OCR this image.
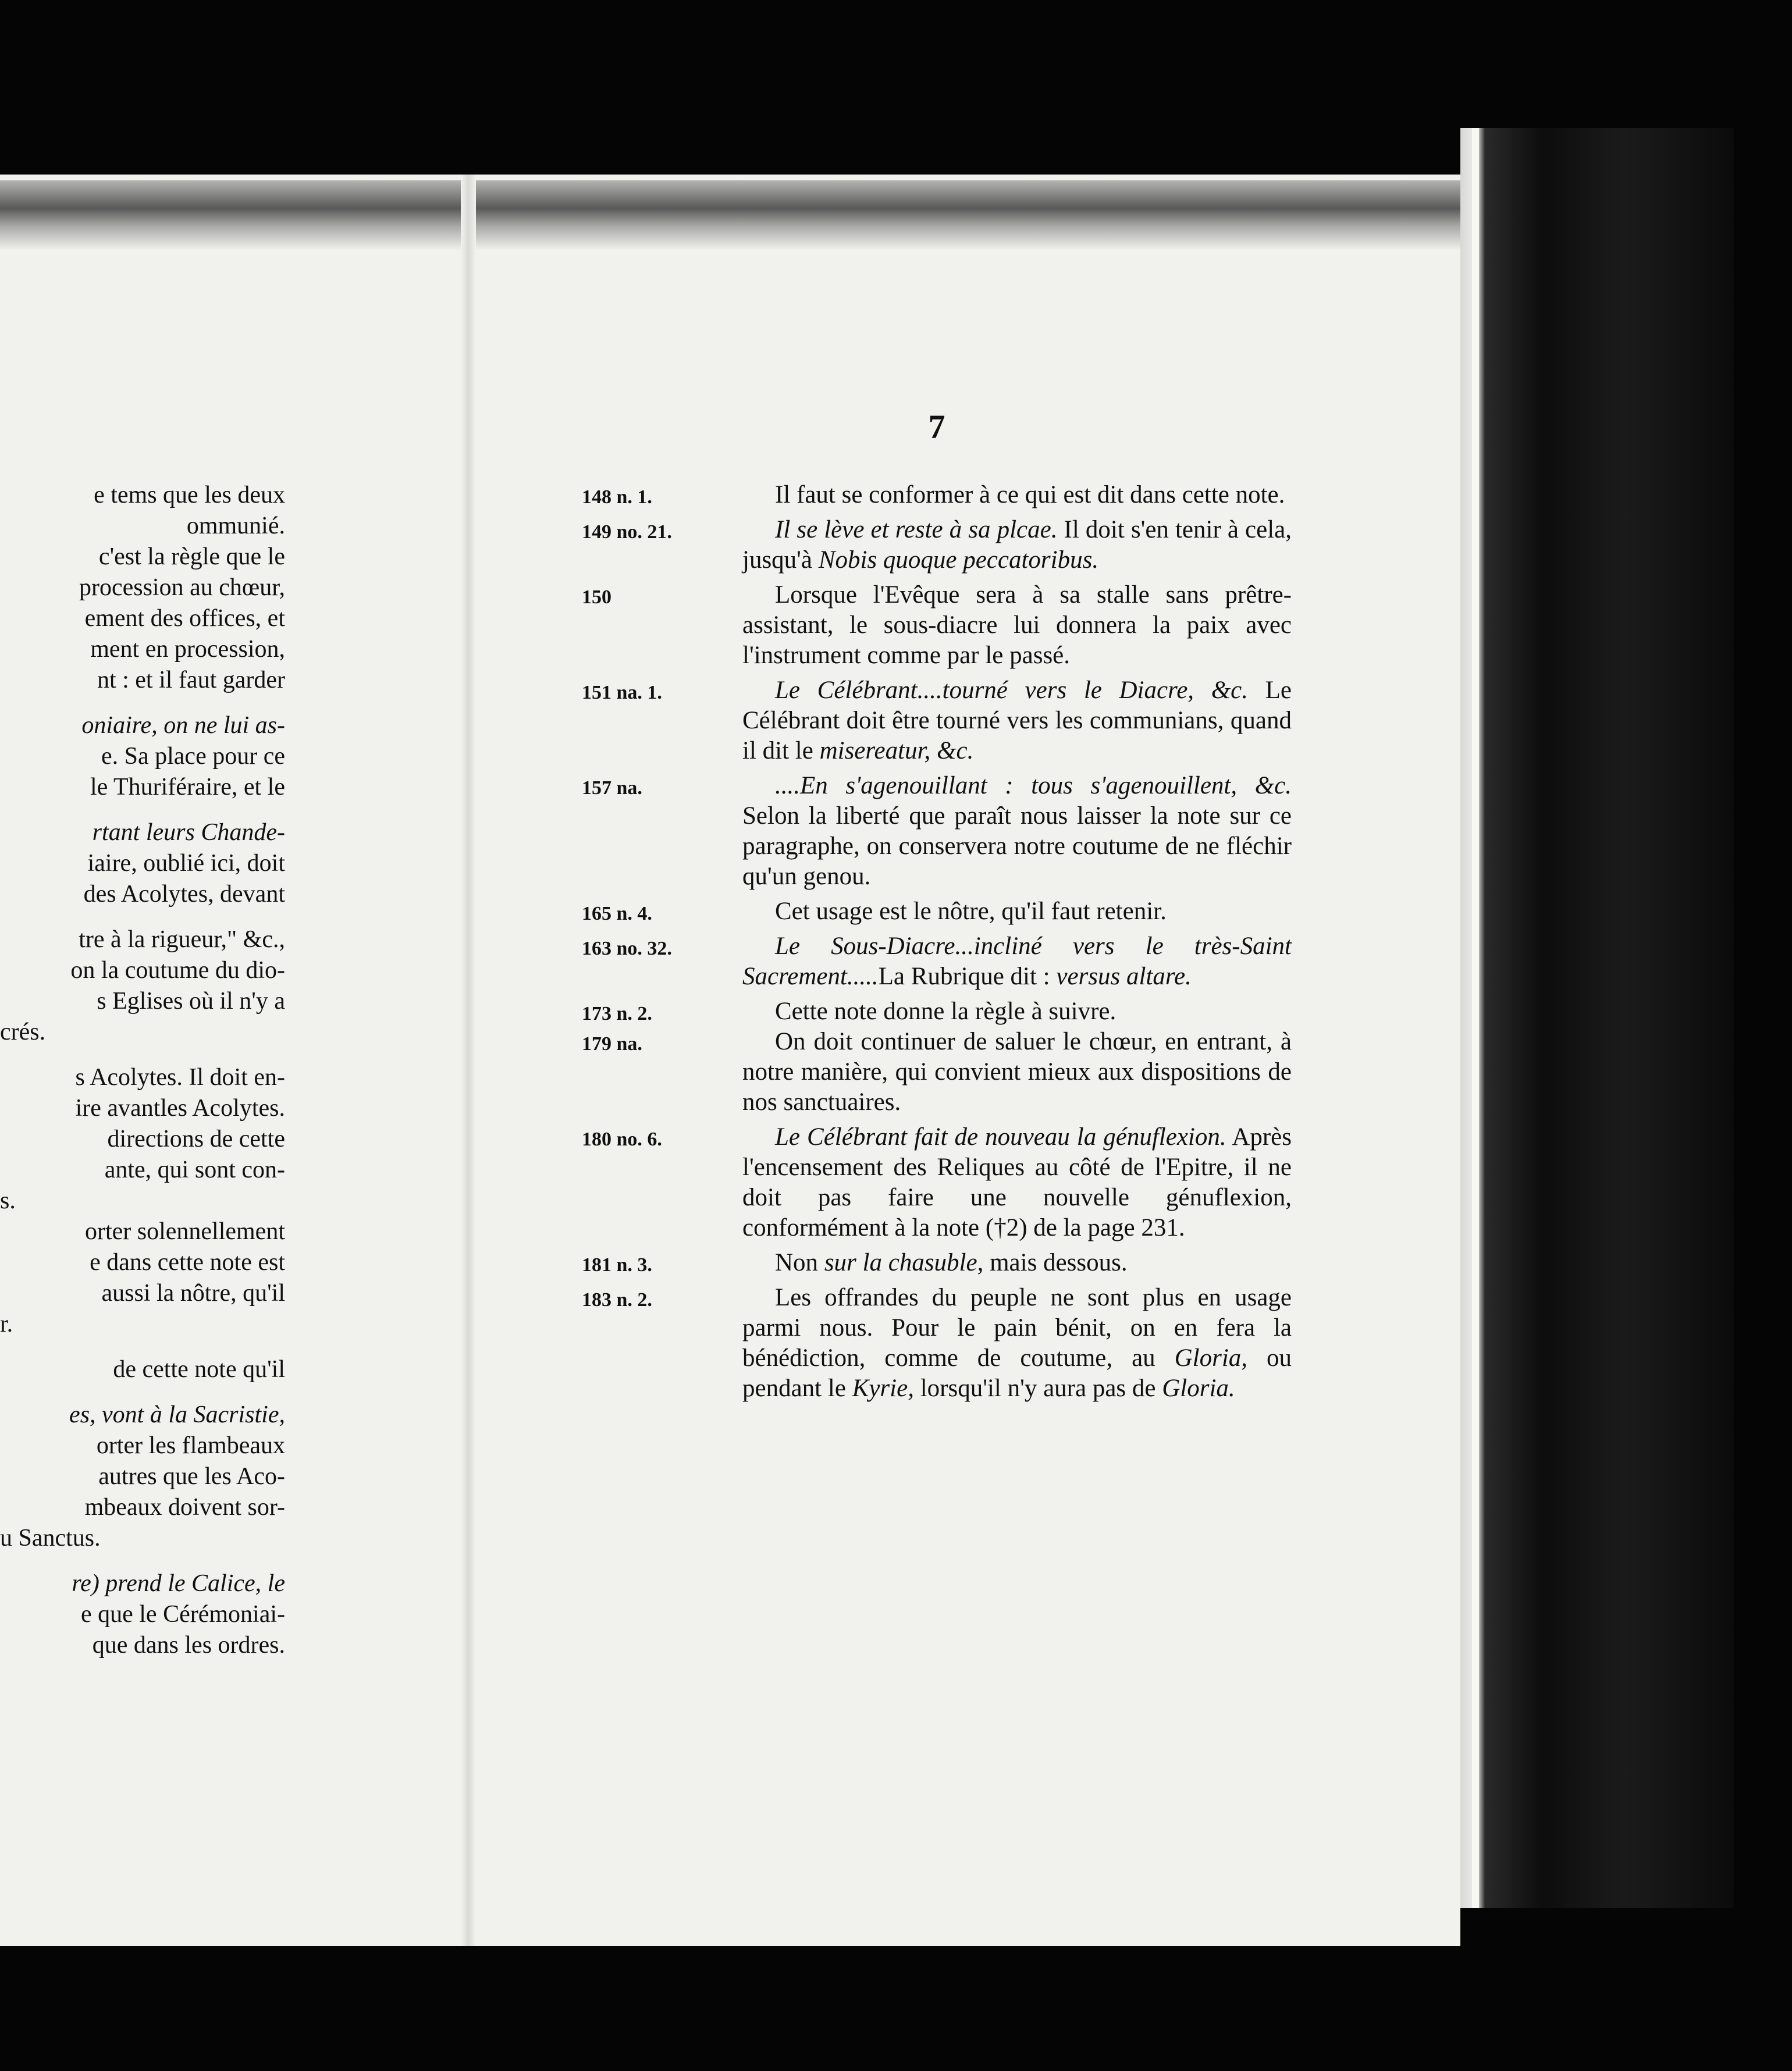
7
e tems que les deux
ommunié.
c'est la règle que le
procession au chœur,
ement des offices, et
ment en procession,
nt : et il faut garder
oniaire, on ne lui as-
e. Sa place pour ce
le Thuriféraire, et le
rtant leurs Chande-
iaire, oublié ici, doit
des Acolytes, devant
tre à la rigueur," &c.,
on la coutume du dio-
s Eglises où il n'y a
crés.
s Acolytes. Il doit en-
ire avantles Acolytes.
directions de cette
ante, qui sont con-
s.
orter solennellement
e dans cette note est
aussi la nôtre, qu'il
r.
de cette note qu'il
es, vont à la Sacristie,
orter les flambeaux
autres que les Aco-
mbeaux doivent sor-
u Sanctus.
re) prend le Calice, le
e que le Cérémoniai-
que dans les ordres.
148 n. 1.	Il faut se conformer à ce qui est dit dans cette note.

149 no. 21.	Il se lève et reste à sa plcae. Il doit s'en tenir à cela, jusqu'à Nobis quoque peccatoribus.

150	Lorsque l'Evêque sera à sa stalle sans prêtre-assistant, le sous-diacre lui donnera la paix avec l'instrument comme par le passé.

151 na. 1.	Le Célébrant....tourné vers le Diacre, &c. Le Célébrant doit être tourné vers les communians, quand il dit le misereatur, &c.

157 na.	....En s'agenouillant : tous s'agenouillent, &c. Selon la liberté que paraît nous laisser la note sur ce paragraphe, on conservera notre coutume de ne fléchir qu'un genou.

165 n. 4.	Cet usage est le nôtre, qu'il faut retenir.

163 no. 32.	Le Sous-Diacre...incliné vers le très-Saint Sacrement.....La Rubrique dit : versus altare.

173 n. 2.	Cette note donne la règle à suivre.

179 na.	On doit continuer de saluer le chœur, en entrant, à notre manière, qui convient mieux aux dispositions de nos sanctuaires.

180 no. 6.	Le Célébrant fait de nouveau la génuflexion. Après l'encensement des Reliques au côté de l'Epitre, il ne doit pas faire une nouvelle génuflexion, conformément à la note (†2) de la page 231.

181 n. 3.	Non sur la chasuble, mais dessous.

183 n. 2.	Les offrandes du peuple ne sont plus en usage parmi nous. Pour le pain bénit, on en fera la bénédiction, comme de coutume, au Gloria, ou pendant le Kyrie, lorsqu'il n'y aura pas de Gloria.
